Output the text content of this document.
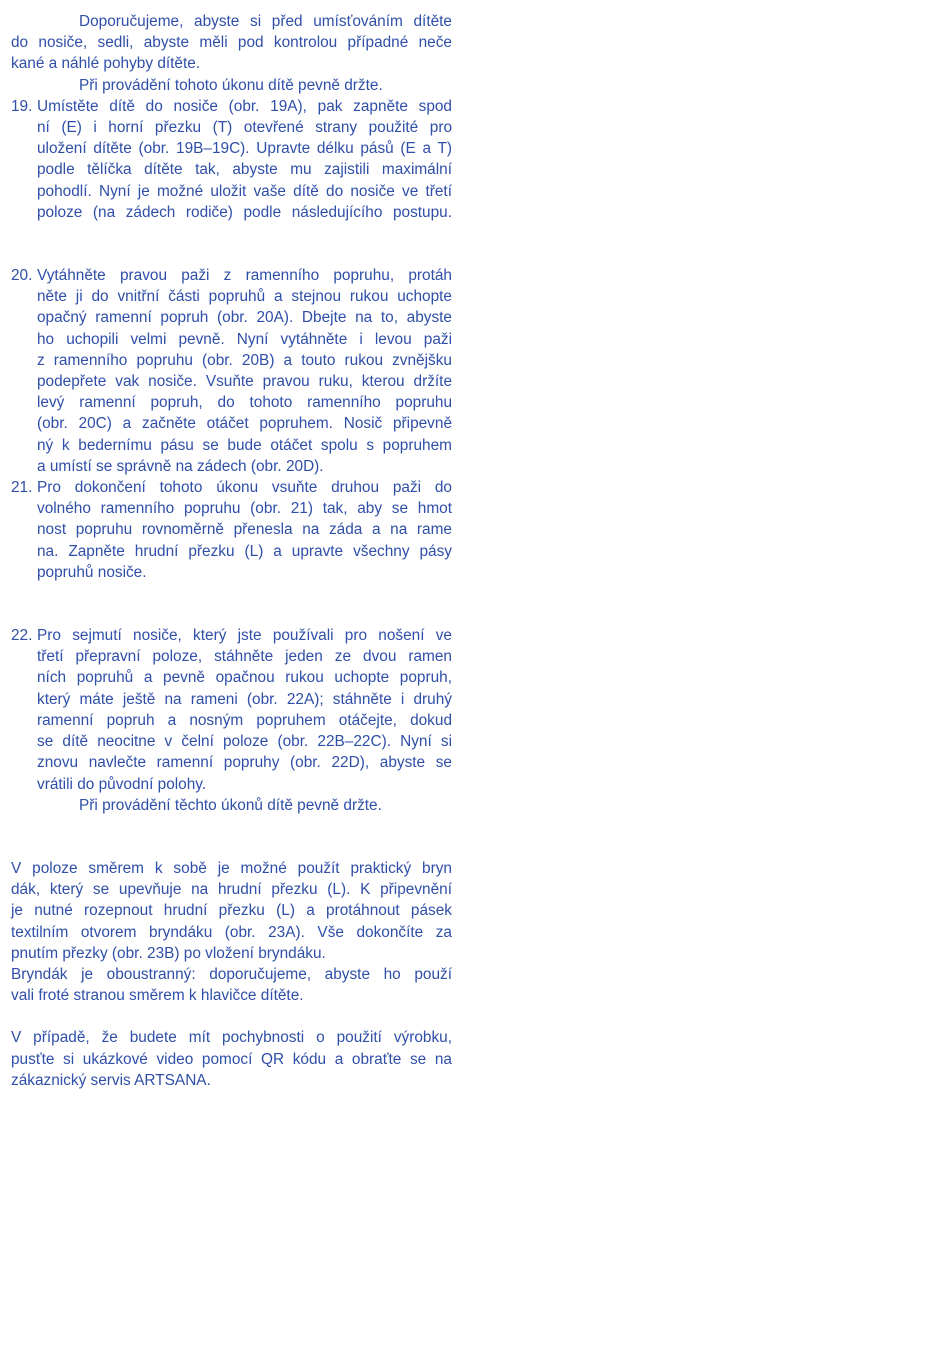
Doporučujeme, abyste si před umísťováním dítěte
do nosiče, sedli, abyste měli pod kontrolou případné neče
kané a náhlé pohyby dítěte.
Při provádění tohoto úkonu dítě pevně držte.
19. Umístěte dítě do nosiče (obr. 19A), pak zapněte spod
ní (E) i horní přezku (T) otevřené strany použité pro
uložení dítěte (obr. 19B–19C). Upravte délku pásů (E a T)
podle tělíčka dítěte tak, abyste mu zajistili maximální
pohodlí. Nyní je možné uložit vaše dítě do nosiče ve třetí
poloze (na zádech rodiče) podle následujícího postupu.
20. Vytáhněte pravou paži z ramenního popruhu, protáh
něte ji do vnitřní části popruhů a stejnou rukou uchopte
opačný ramenní popruh (obr. 20A). Dbejte na to, abyste
ho uchopili velmi pevně. Nyní vytáhněte i levou paži
z ramenního popruhu (obr. 20B) a touto rukou zvnějšku
podepřete vak nosiče. Vsuňte pravou ruku, kterou držíte
levý ramenní popruh, do tohoto ramenního popruhu
(obr. 20C) a začněte otáčet popruhem. Nosič připevně
ný k bedernímu pásu se bude otáčet spolu s popruhem
a umístí se správně na zádech (obr. 20D).
21. Pro dokončení tohoto úkonu vsuňte druhou paži do
volného ramenního popruhu (obr. 21) tak, aby se hmot
nost popruhu rovnoměrně přenesla na záda a na rame
na. Zapněte hrudní přezku (L) a upravte všechny pásy
popruhů nosiče.
22. Pro sejmutí nosiče, který jste používali pro nošení ve
třetí přepravní poloze, stáhněte jeden ze dvou ramen
ních popruhů a pevně opačnou rukou uchopte popruh,
který máte ještě na rameni (obr. 22A); stáhněte i druhý
ramenní popruh a nosným popruhem otáčejte, dokud
se dítě neocitne v čelní poloze (obr. 22B–22C). Nyní si
znovu navlečte ramenní popruhy (obr. 22D), abyste se
vrátili do původní polohy.
Při provádění těchto úkonů dítě pevně držte.
V poloze směrem k sobě je možné použít praktický bryn
dák, který se upevňuje na hrudní přezku (L). K připevnění
je nutné rozepnout hrudní přezku (L) a protáhnout pásek
textilním otvorem bryndáku (obr. 23A). Vše dokončíte za
pnutím přezky (obr. 23B) po vložení bryndáku.
Bryndák je oboustranný: doporučujeme, abyste ho použí
vali froté stranou směrem k hlavičce dítěte.
V případě, že budete mít pochybnosti o použití výrobku,
pusťte si ukázkové video pomocí QR kódu a obraťte se na
zákaznický servis ARTSANA.
